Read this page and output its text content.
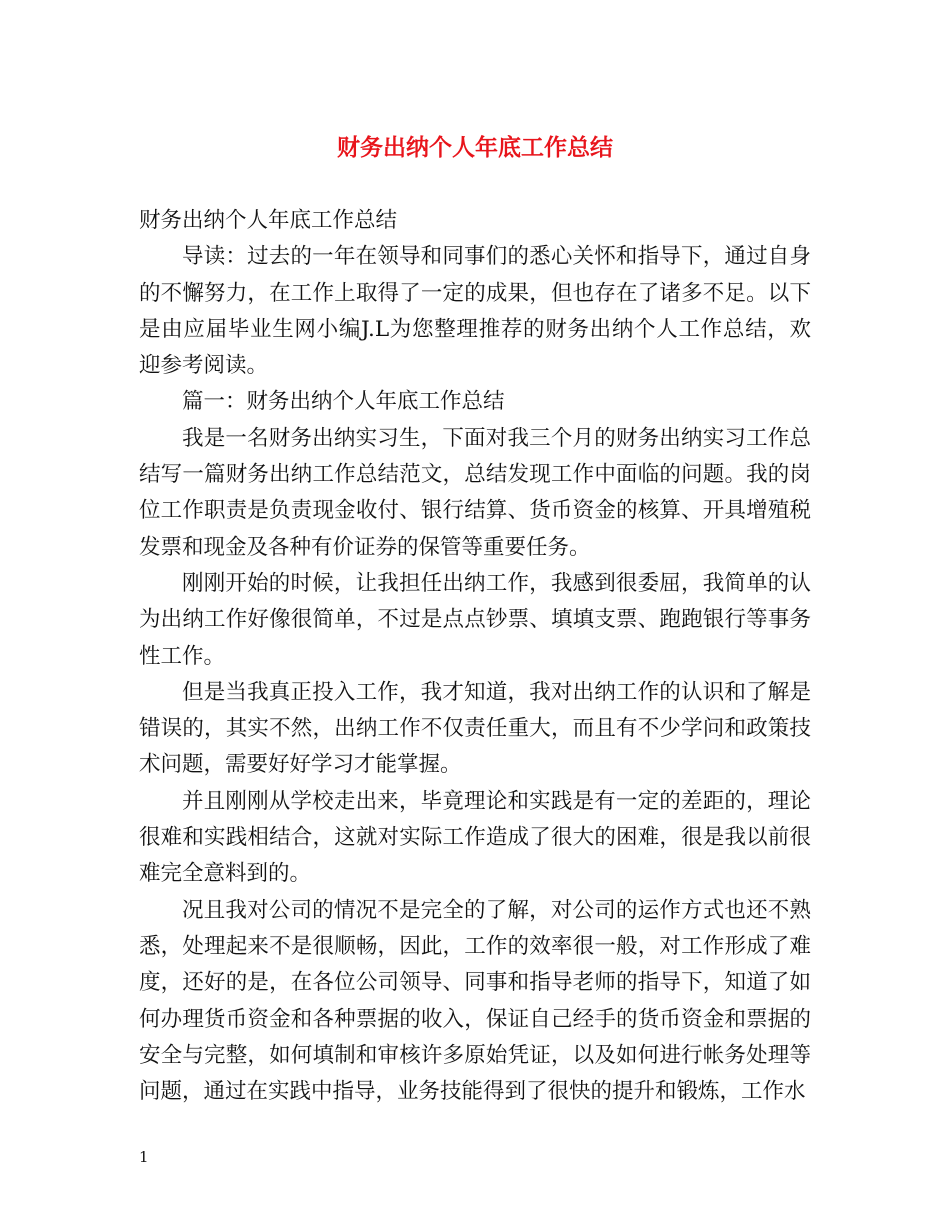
财务出纳个人年底工作总结

财务出纳个人年底工作总结

导读：过去的一年在领导和同事们的悉心关怀和指导下，通过自身的不懈努力，在工作上取得了一定的成果，但也存在了诸多不足。以下是由应届毕业生网小编J.L为您整理推荐的财务出纳个人工作总结，欢迎参考阅读。

篇一：财务出纳个人年底工作总结

我是一名财务出纳实习生，下面对我三个月的财务出纳实习工作总结写一篇财务出纳工作总结范文，总结发现工作中面临的问题。我的岗位工作职责是负责现金收付、银行结算、货币资金的核算、开具增殖税发票和现金及各种有价证券的保管等重要任务。

刚刚开始的时候，让我担任出纳工作，我感到很委屈，我简单的认为出纳工作好像很简单，不过是点点钞票、填填支票、跑跑银行等事务性工作。

但是当我真正投入工作，我才知道，我对出纳工作的认识和了解是错误的，其实不然，出纳工作不仅责任重大，而且有不少学问和政策技术问题，需要好好学习才能掌握。

并且刚刚从学校走出来，毕竟理论和实践是有一定的差距的，理论很难和实践相结合，这就对实际工作造成了很大的困难，很是我以前很难完全意料到的。

况且我对公司的情况不是完全的了解，对公司的运作方式也还不熟悉，处理起来不是很顺畅，因此，工作的效率很一般，对工作形成了难度，还好的是，在各位公司领导、同事和指导老师的指导下，知道了如何办理货币资金和各种票据的收入，保证自己经手的货币资金和票据的安全与完整，如何填制和审核许多原始凭证，以及如何进行帐务处理等问题，通过在实践中指导，业务技能得到了很快的提升和锻炼，工作水

1
